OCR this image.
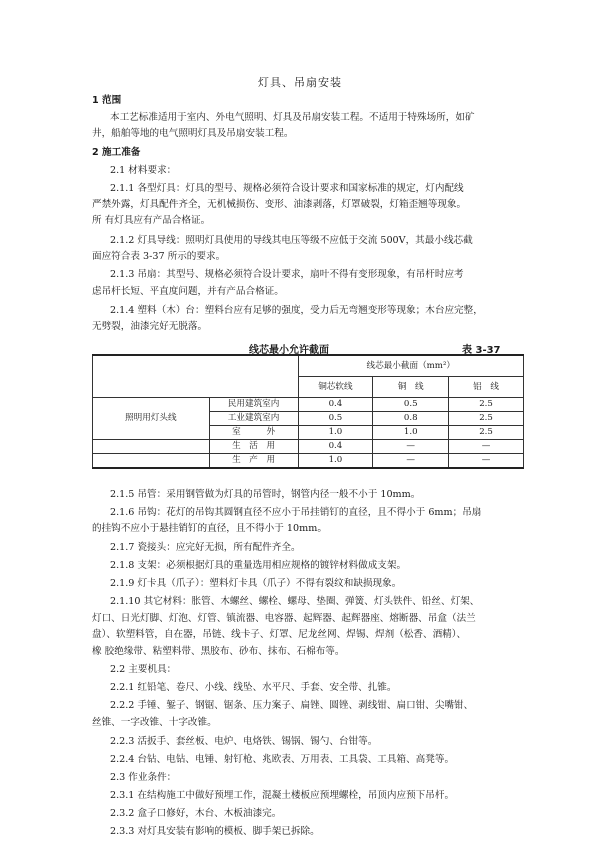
灯具、吊扇安装
1 范围
本工艺标准适用于室内、外电气照明、灯具及吊扇安装工程。不适用于特殊场所，如矿
井，船舶等地的电气照明灯具及吊扇安装工程。
2 施工准备
2.1 材料要求：
2.1.1 各型灯具：灯具的型号、规格必须符合设计要求和国家标准的规定，灯内配线
严禁外露，灯具配件齐全，无机械损伤、变形、油漆剥落，灯罩破裂，灯箱歪翘等现象。
所 有灯具应有产品合格证。
2.1.2 灯具导线：照明灯具使用的导线其电压等级不应低于交流 500V，其最小线芯截
面应符合表 3-37 所示的要求。
2.1.3 吊扇：其型号、规格必须符合设计要求，扇叶不得有变形现象，有吊杆时应考
虑吊杆长短、平直度问题，并有产品合格证。
2.1.4 塑料（木）台：塑料台应有足够的强度，受力后无弯翘变形等现象；木台应完整，
无劈裂，油漆完好无脱落。
线芯最小允许截面	表 3-37
		线芯最小截面（mm²）		
		铜芯软线	铜　线	铝　线
照明用灯头线	民用建筑室内	0.4	0.5	2.5
	工业建筑室内	0.5	0.8	2.5
	室　　　外	1.0	1.0	2.5
	生　活　用	0.4	—	—
	生　产　用	1.0	—	—
2.1.5 吊管：采用钢管做为灯具的吊管时，钢管内径一般不小于 10mm。
2.1.6 吊钩：花灯的吊钩其圆钢直径不应小于吊挂销钉的直径，且不得小于 6mm；吊扇
的挂钩不应小于悬挂销钉的直径，且不得小于 10mm。
2.1.7 瓷接头：应完好无损，所有配件齐全。
2.1.8 支架：必须根据灯具的重量选用相应规格的镀锌材料做成支架。
2.1.9 灯卡具（爪子）：塑料灯卡具（爪子）不得有裂纹和缺损现象。
2.1.10 其它材料：胀管、木螺丝、螺栓、螺母、垫圈、弹簧、灯头铁件、铅丝、灯架、
灯口、日光灯脚、灯泡、灯管、镇流器、电容器、起辉器、起辉器座、熔断器、吊盒（法兰
盘）、软塑料管，自在器，吊链、线卡子、灯罩、尼龙丝网、焊锡、焊剂（松香、酒精）、
橡 胶绝缘带、粘塑料带、黑胶布、砂布、抹布、石棉布等。
2.2 主要机具：
2.2.1 红铅笔、卷尺、小线、线坠、水平尺、手套、安全带、扎锥。
2.2.2 手锤、錾子、钢锯、锯条、压力案子、扁锉、圆锉、剥线钳、扁口钳、尖嘴钳、
丝锥、一字改锥、十字改锥。
2.2.3 活扳手、套丝板、电炉、电烙铁、锡锅、锡勺、台钳等。
2.2.4 台钻、电钻、电锤、射钉枪、兆欧表、万用表、工具袋、工具箱、高凳等。
2.3 作业条件：
2.3.1 在结构施工中做好预埋工作，混凝土楼板应预埋螺栓，吊顶内应预下吊杆。
2.3.2 盒子口修好，木台、木板油漆完。
2.3.3 对灯具安装有影响的模板、脚手架已拆除。
